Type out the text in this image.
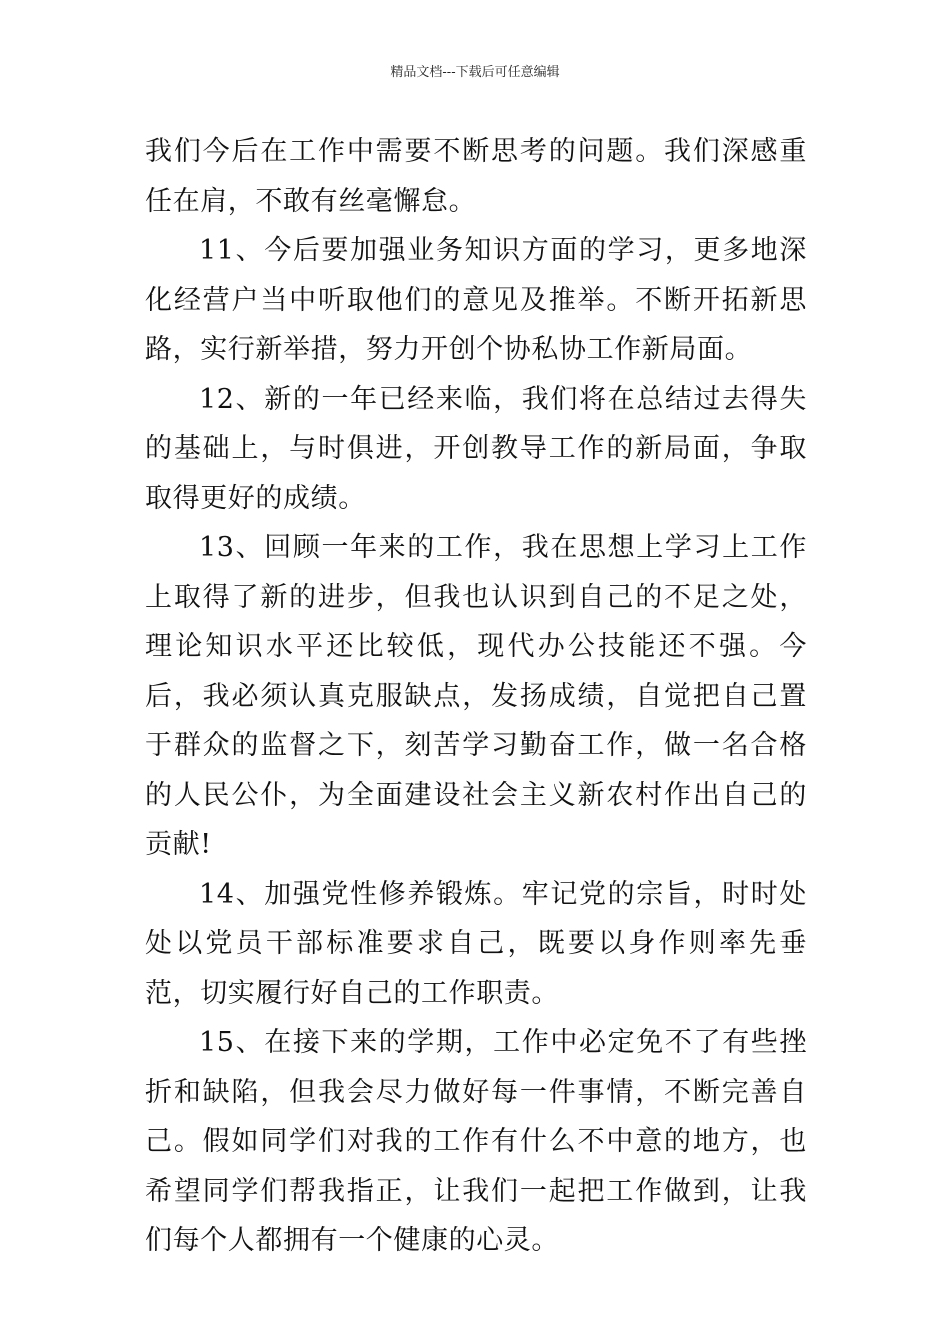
精品文档---下载后可任意编辑

我们今后在工作中需要不断思考的问题。我们深感重任在肩，不敢有丝毫懈怠。

11、今后要加强业务知识方面的学习，更多地深化经营户当中听取他们的意见及推举。不断开拓新思路，实行新举措，努力开创个协私协工作新局面。

12、新的一年已经来临，我们将在总结过去得失的基础上，与时俱进，开创教导工作的新局面，争取取得更好的成绩。

13、回顾一年来的工作，我在思想上学习上工作上取得了新的进步，但我也认识到自己的不足之处，理论知识水平还比较低，现代办公技能还不强。今后，我必须认真克服缺点，发扬成绩，自觉把自己置于群众的监督之下，刻苦学习勤奋工作，做一名合格的人民公仆，为全面建设社会主义新农村作出自己的贡献!

14、加强党性修养锻炼。牢记党的宗旨，时时处处以党员干部标准要求自己，既要以身作则率先垂范，切实履行好自己的工作职责。

15、在接下来的学期，工作中必定免不了有些挫折和缺陷，但我会尽力做好每一件事情，不断完善自己。假如同学们对我的工作有什么不中意的地方，也希望同学们帮我指正，让我们一起把工作做到，让我们每个人都拥有一个健康的心灵。
